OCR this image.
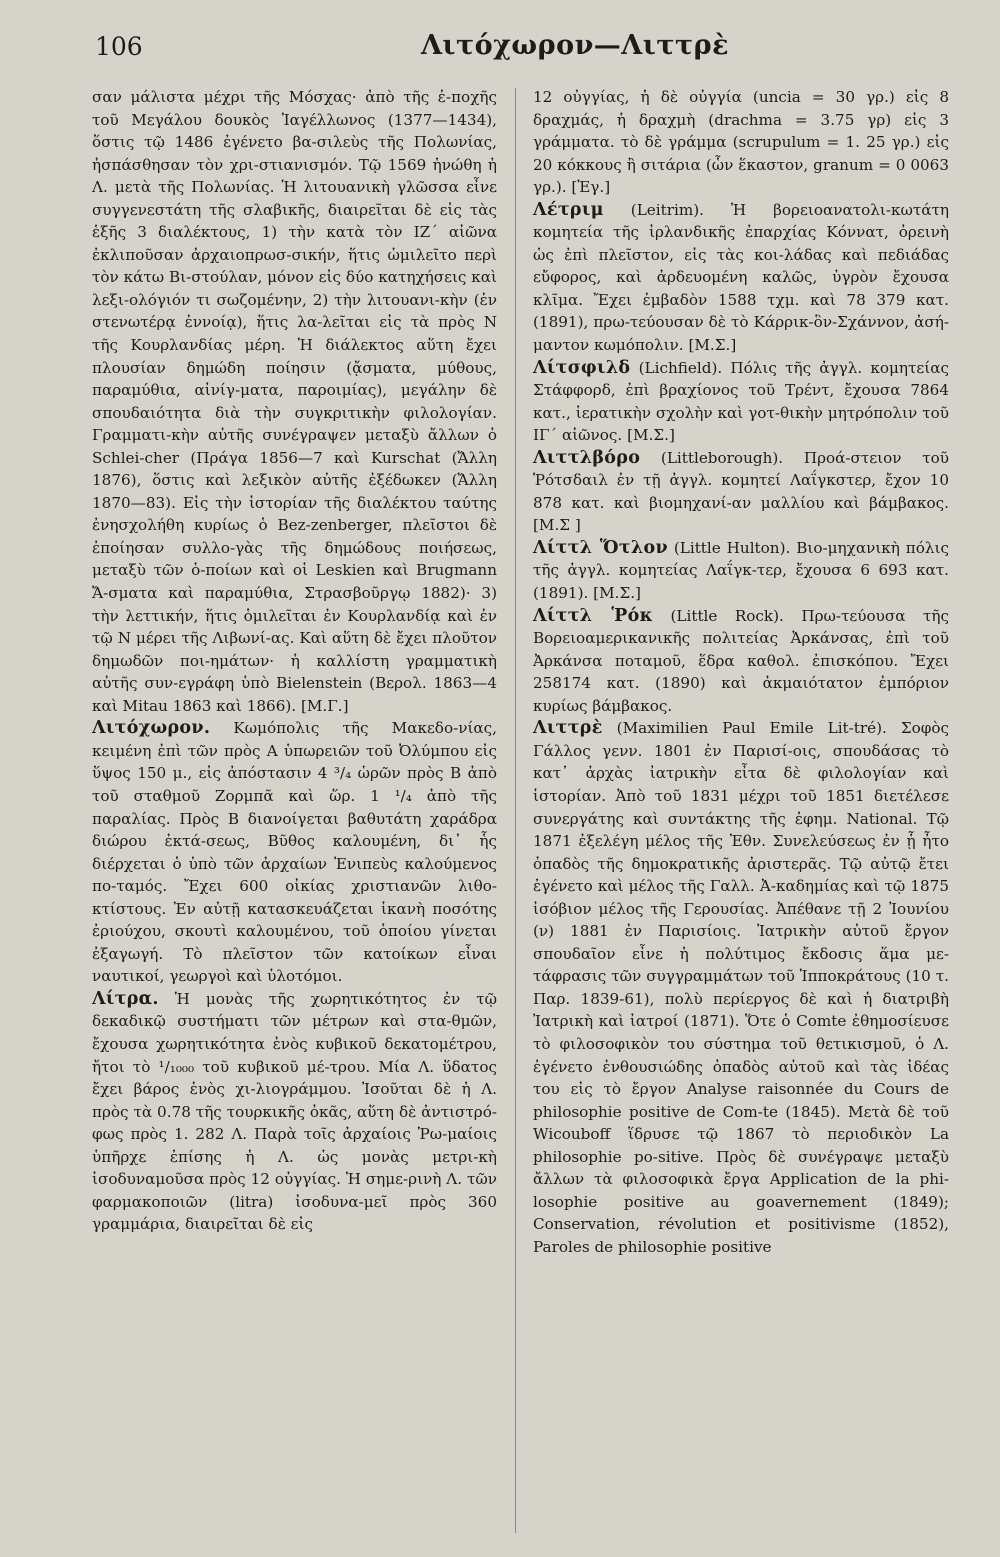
106	Λιτόχωρον—Λιττρὲ

σαν μάλιστα μέχρι τῆς Μόσχας· ἀπὸ τῆς ἐ-ποχῆς τοῦ Μεγάλου δουκὸς Ἰαγέλλωνος (1377—1434), ὅστις τῷ 1486 ἐγένετο βα-σιλεὺς τῆς Πολωνίας, ἠσπάσθησαν τὸν χρι-στιανισμόν. Τῷ 1569 ἡνώθη ἡ Λ. μετὰ τῆς Πολωνίας. Ἡ λιτουανικὴ γλῶσσα εἶνε συγγενεστάτη τῆς σλαβικῆς, διαιρεῖται δὲ εἰς τὰς ἑξῆς 3 διαλέκτους, 1) τὴν κατὰ τὸν ΙΖ΄ αἰῶνα ἐκλιποῦσαν ἀρχαιοπρωσ-σικήν, ἥτις ὡμιλεῖτο περὶ τὸν κάτω Βι-στούλαν, μόνον εἰς δύο κατηχήσεις καὶ λεξι-ολόγιόν τι σωζομένην, 2) τὴν λιτουανι-κὴν (ἐν στενωτέρᾳ ἐννοίᾳ), ἥτις λα-λεῖται εἰς τὰ πρὸς Ν τῆς Κουρλανδίας μέρη. Ἡ διάλεκτος αὕτη ἔχει πλουσίαν δημώδη ποίησιν (ᾄσματα, μύθους, παραμύθια, αἰνίγ-ματα, παροιμίας), μεγάλην δὲ σπουδαιότητα διὰ τὴν συγκριτικὴν φιλολογίαν. Γραμματι-κὴν αὐτῆς συνέγραψεν μεταξὺ ἄλλων ὁ Schlei-cher (Πράγα 1856—7 καὶ Kurschat (Ἄλλη 1876), ὅστις καὶ λεξικὸν αὐτῆς ἐξέδωκεν (Ἄλλη 1870—83). Εἰς τὴν ἱστορίαν τῆς διαλέκτου ταύτης ἐνησχολήθη κυρίως ὁ Bez-zenberger, πλεῖστοι δὲ ἐποίησαν συλλο-γὰς τῆς δημώδους ποιήσεως, μεταξὺ τῶν ὁ-ποίων καὶ οἱ Leskien καὶ Brugmann Ἄ-σματα καὶ παραμύθια, Στρασβοῦργῳ 1882)· 3) τὴν λεττικήν, ἥτις ὁμιλεῖται ἐν Κουρλανδίᾳ καὶ ἐν τῷ Ν μέρει τῆς Λιβωνί-ας. Καὶ αὕτη δὲ ἔχει πλοῦτον δημωδῶν ποι-ημάτων· ἡ καλλίστη γραμματικὴ αὐτῆς συν-εγράφη ὑπὸ Bielenstein (Βερολ. 1863—4 καὶ Mitau 1863 καὶ 1866). [Μ.Γ.]

Λιτόχωρον. Κωμόπολις τῆς Μακεδο-νίας, κειμένη ἐπὶ τῶν πρὸς Α ὑπωρειῶν τοῦ Ὀλύμπου εἰς ὕψος 150 μ., εἰς ἀπόστασιν 4 ³/₄ ὡρῶν πρὸς Β ἀπὸ τοῦ σταθμοῦ Ζορμπᾶ καὶ ὥρ. 1 ¹/₄ ἀπὸ τῆς παραλίας. Πρὸς Β διανοίγεται βαθυτάτη χαράδρα διώρου ἐκτά-σεως, Βῦθος καλουμένη, δι᾽ ἧς διέρχεται ὁ ὑπὸ τῶν ἀρχαίων Ἐνιπεὺς καλούμενος πο-ταμός. Ἔχει 600 οἰκίας χριστιανῶν λιθο-κτίστους. Ἐν αὐτῇ κατασκευάζεται ἱκανὴ ποσότης ἐριούχου, σκουτὶ καλουμένου, τοῦ ὁποίου γίνεται ἐξαγωγή. Τὸ πλεῖστον τῶν κατοίκων εἶναι ναυτικοί, γεωργοὶ καὶ ὑλοτόμοι.

Λίτρα. Ἡ μονὰς τῆς χωρητικότητος ἐν τῷ δεκαδικῷ συστήματι τῶν μέτρων καὶ στα-θμῶν, ἔχουσα χωρητικότητα ἑνὸς κυβικοῦ δεκατομέτρου, ἤτοι τὸ ¹/₁₀₀₀ τοῦ κυβικοῦ μέ-τρου. Μία Λ. ὕδατος ἔχει βάρος ἑνὸς χι-λιογράμμου. Ἰσοῦται δὲ ἡ Λ. πρὸς τὰ 0.78 τῆς τουρκικῆς ὀκᾶς, αὕτη δὲ ἀντιστρό-φως πρὸς 1. 282 Λ. Παρὰ τοῖς ἀρχαίοις Ῥω-μαίοις ὑπῆρχε ἐπίσης ἡ Λ. ὡς μονὰς μετρι-κὴ ἰσοδυναμοῦσα πρὸς 12 οὐγγίας. Ἡ σημε-ρινὴ Λ. τῶν φαρμακοποιῶν (litra) ἰσοδυνα-μεῖ πρὸς 360 γραμμάρια, διαιρεῖται δὲ εἰς

12 οὐγγίας, ἡ δὲ οὐγγία (uncia = 30 γρ.) εἰς 8 δραχμάς, ἡ δραχμὴ (drachma = 3.75 γρ) εἰς 3 γράμματα. τὸ δὲ γράμμα (scrupulum = 1. 25 γρ.) εἰς 20 κόκκους ἢ σιτάρια (ὧν ἕκαστον, granum = 0 0063 γρ.). [Ἐγ.]

Λέτριμ (Leitrim). Ἡ βορειοανατολι-κωτάτη κομητεία τῆς ἰρλανδικῆς ἐπαρχίας Κόννατ, ὀρεινὴ ὡς ἐπὶ πλεῖστον, εἰς τὰς κοι-λάδας καὶ πεδιάδας εὔφορος, καὶ ἀρδευομένη καλῶς, ὑγρὸν ἔχουσα κλῖμα. Ἔχει ἐμβαδὸν 1588 τχμ. καὶ 78 379 κατ. (1891), πρω-τεύουσαν δὲ τὸ Κάρρικ-ὃν-Σχάννον, ἀσή-μαντον κωμόπολιν. [Μ.Σ.]

Λίτσφιλδ (Lichfield). Πόλις τῆς ἀγγλ. κομητείας Στάφφορδ, ἐπὶ βραχίονος τοῦ Τρέντ, ἔχουσα 7864 κατ., ἱερατικὴν σχολὴν καὶ γοτ-θικὴν μητρόπολιν τοῦ ΙΓ΄ αἰῶνος. [Μ.Σ.]

Λιττλβόρο (Littleborough). Προά-στειον τοῦ Ῥότσδαιλ ἐν τῇ ἀγγλ. κομητεί Λαΐγκστερ, ἔχον 10 878 κατ. καὶ βιομηχανί-αν μαλλίου καὶ βάμβακος. [Μ.Σ ]

Λίττλ Ὅτλον (Little Hulton). Βιο-μηχανικὴ πόλις τῆς ἀγγλ. κομητείας Λαΐγκ-τερ, ἔχουσα 6 693 κατ. (1891). [Μ.Σ.]

Λίττλ Ῥόκ (Little Rock). Πρω-τεύουσα τῆς Βορειοαμερικανικῆς πολιτείας Ἀρκάνσας, ἐπὶ τοῦ Ἀρκάνσα ποταμοῦ, ἕδρα καθολ. ἐπισκόπου. Ἔχει 258174 κατ. (1890) καὶ ἀκμαιότατον ἐμπόριον κυρίως βάμβακος.

Λιττρὲ (Maximilien Paul Emile Lit-tré). Σοφὸς Γάλλος γενν. 1801 ἐν Παρισί-οις, σπουδάσας τὸ κατ᾽ ἀρχὰς ἰατρικὴν εἶτα δὲ φιλολογίαν καὶ ἱστορίαν. Ἀπὸ τοῦ 1831 μέχρι τοῦ 1851 διετέλεσε συνεργάτης καὶ συντάκτης τῆς ἐφημ. National. Τῷ 1871 ἐξελέγη μέλος τῆς Ἐθν. Συνελεύσεως ἐν ᾗ ἦτο ὀπαδὸς τῆς δημοκρατικῆς ἀριστερᾶς. Τῷ αὐτῷ ἔτει ἐγένετο καὶ μέλος τῆς Γαλλ. Ἀ-καδημίας καὶ τῷ 1875 ἰσόβιον μέλος τῆς Γερουσίας. Ἀπέθανε τῇ 2 Ἰουνίου (ν) 1881 ἐν Παρισίοις. Ἰατρικὴν αὐτοῦ ἔργον σπουδαῖον εἶνε ἡ πολύτιμος ἔκδοσις ἅμα με-τάφρασις τῶν συγγραμμάτων τοῦ Ἱπποκράτους (10 τ. Παρ. 1839-61), πολὺ περίεργος δὲ καὶ ἡ διατριβὴ Ἰατρικὴ καὶ ἰατροί (1871). Ὅτε ὁ Comte ἐθημοσίευσε τὸ φιλοσοφικὸν του σύστημα τοῦ θετικισμοῦ, ὁ Λ. ἐγένετο ἐνθουσιώδης ὀπαδὸς αὐτοῦ καὶ τὰς ἰδέας του εἰς τὸ ἔργον Analyse raisonnée du Cours de philosophie positive de Com-te (1845). Μετὰ δὲ τοῦ Wicouboff ἵδρυσε τῷ 1867 τὸ περιοδικὸν La philosophie po-sitive. Πρὸς δὲ συνέγραψε μεταξὺ ἄλλων τὰ φιλοσοφικὰ ἔργα Application de la phi-losophie positive au goavernement (1849); Conservation, révolution et positivisme (1852), Paroles de philosophie positive
